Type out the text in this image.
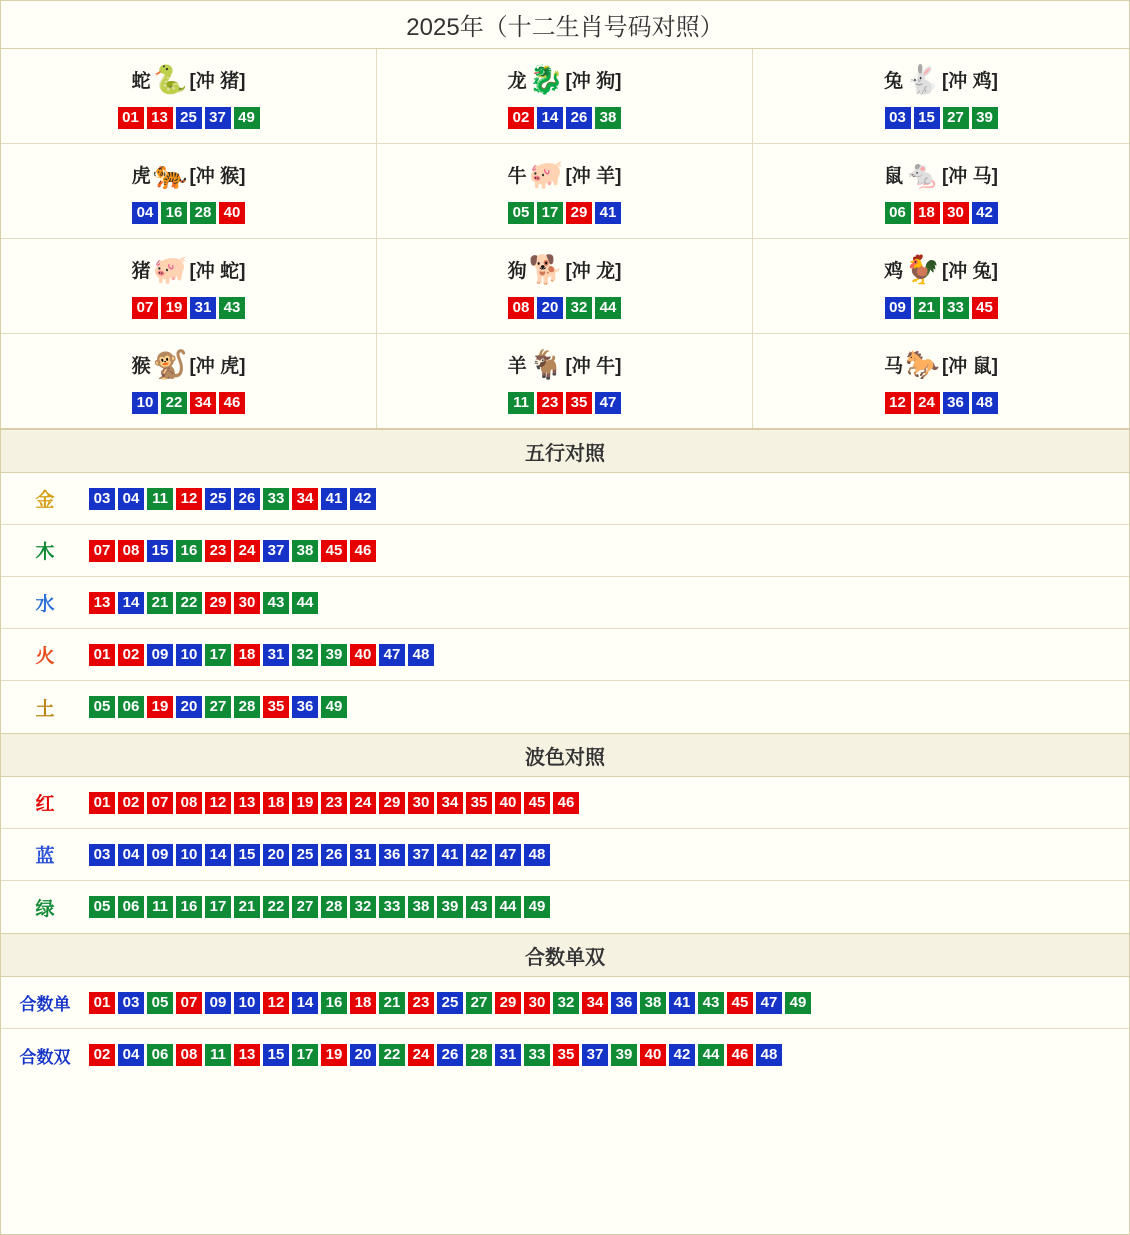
2025年（十二生肖号码对照）
蛇 🐍 [冲 猪]
01 13 25 37 49
龙 🐉 [冲 狗]
02 14 26 38
兔 🐇 [冲 鸡]
03 15 27 39
虎 🐅 [冲 猴]
04 16 28 40
牛 🐖 [冲 羊]
05 17 29 41
鼠 🐁 [冲 马]
06 18 30 42
猪 🐖 [冲 蛇]
07 19 31 43
狗 🐕 [冲 龙]
08 20 32 44
鸡 🐓 [冲 兔]
09 21 33 45
猴 🐒 [冲 虎]
10 22 34 46
羊 🐐 [冲 牛]
11 23 35 47
马 🐎 [冲 鼠]
12 24 36 48
五行对照
金	03 04 11 12 25 26 33 34 41 42
木	07 08 15 16 23 24 37 38 45 46
水	13 14 21 22 29 30 43 44
火	01 02 09 10 17 18 31 32 39 40 47 48
土	05 06 19 20 27 28 35 36 49
波色对照
红	01 02 07 08 12 13 18 19 23 24 29 30 34 35 40 45 46
蓝	03 04 09 10 14 15 20 25 26 31 36 37 41 42 47 48
绿	05 06 11 16 17 21 22 27 28 32 33 38 39 43 44 49
合数单双
合数单	01 03 05 07 09 10 12 14 16 18 21 23 25 27 29 30 32 34 36 38 41 43 45 47 49
合数双	02 04 06 08 11 13 15 17 19 20 22 24 26 28 31 33 35 37 39 40 42 44 46 48
